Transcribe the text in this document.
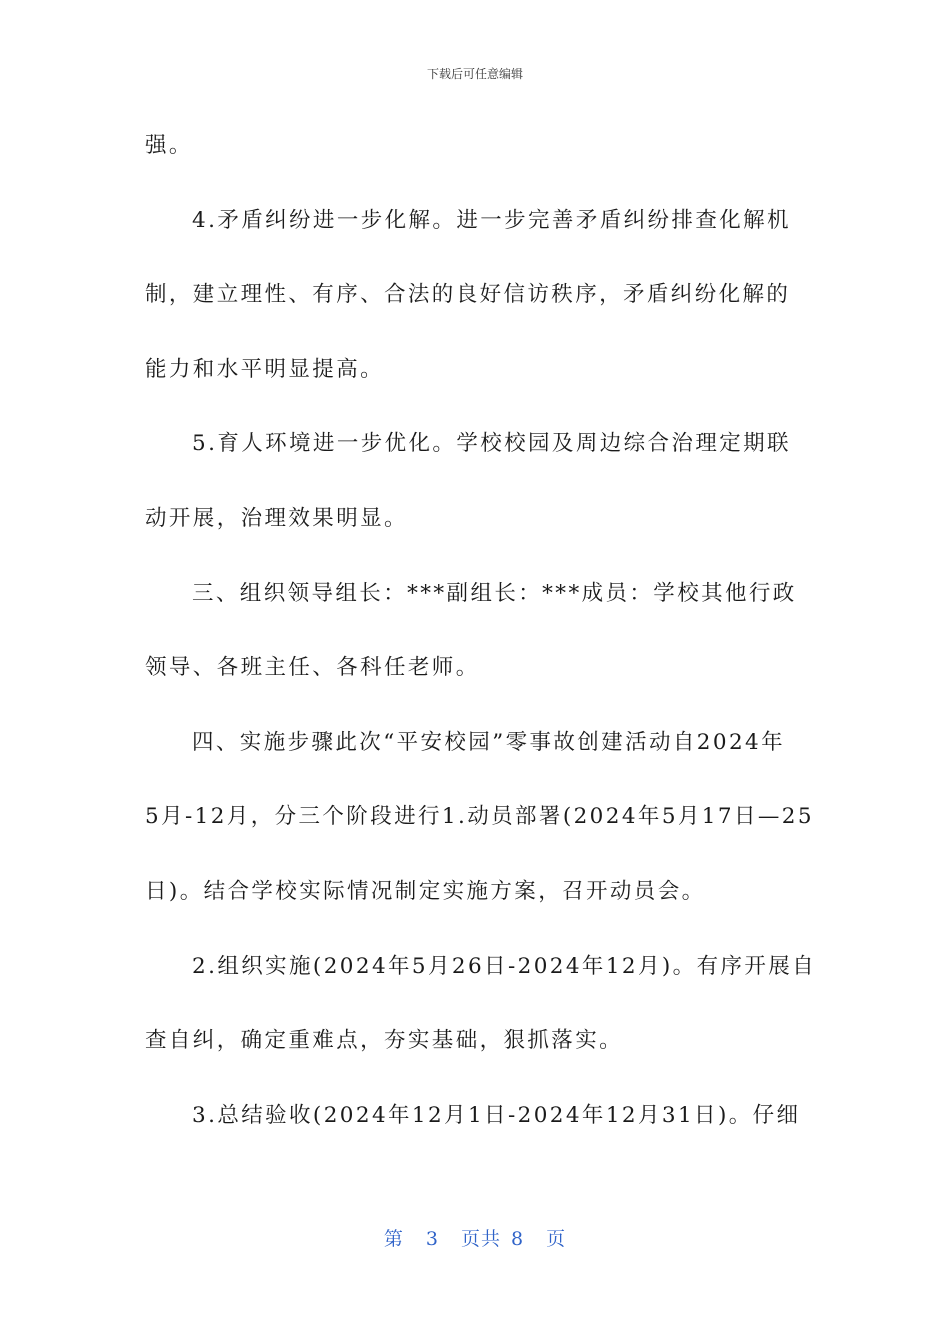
下载后可任意编辑
强。
4.矛盾纠纷进一步化解。进一步完善矛盾纠纷排查化解机
制，建立理性、有序、合法的良好信访秩序，矛盾纠纷化解的
能力和水平明显提高。
5.育人环境进一步优化。学校校园及周边综合治理定期联
动开展，治理效果明显。
三、组织领导组长：***副组长：***成员：学校其他行政
领导、各班主任、各科任老师。
四、实施步骤此次“平安校园”零事故创建活动自2024年
5月-12月，分三个阶段进行1.动员部署(2024年5月17日—25
日)。结合学校实际情况制定实施方案，召开动员会。
2.组织实施(2024年5月26日-2024年12月)。有序开展自
查自纠，确定重难点，夯实基础，狠抓落实。
3.总结验收(2024年12月1日-2024年12月31日)。仔细
第 3 页共 8 页
